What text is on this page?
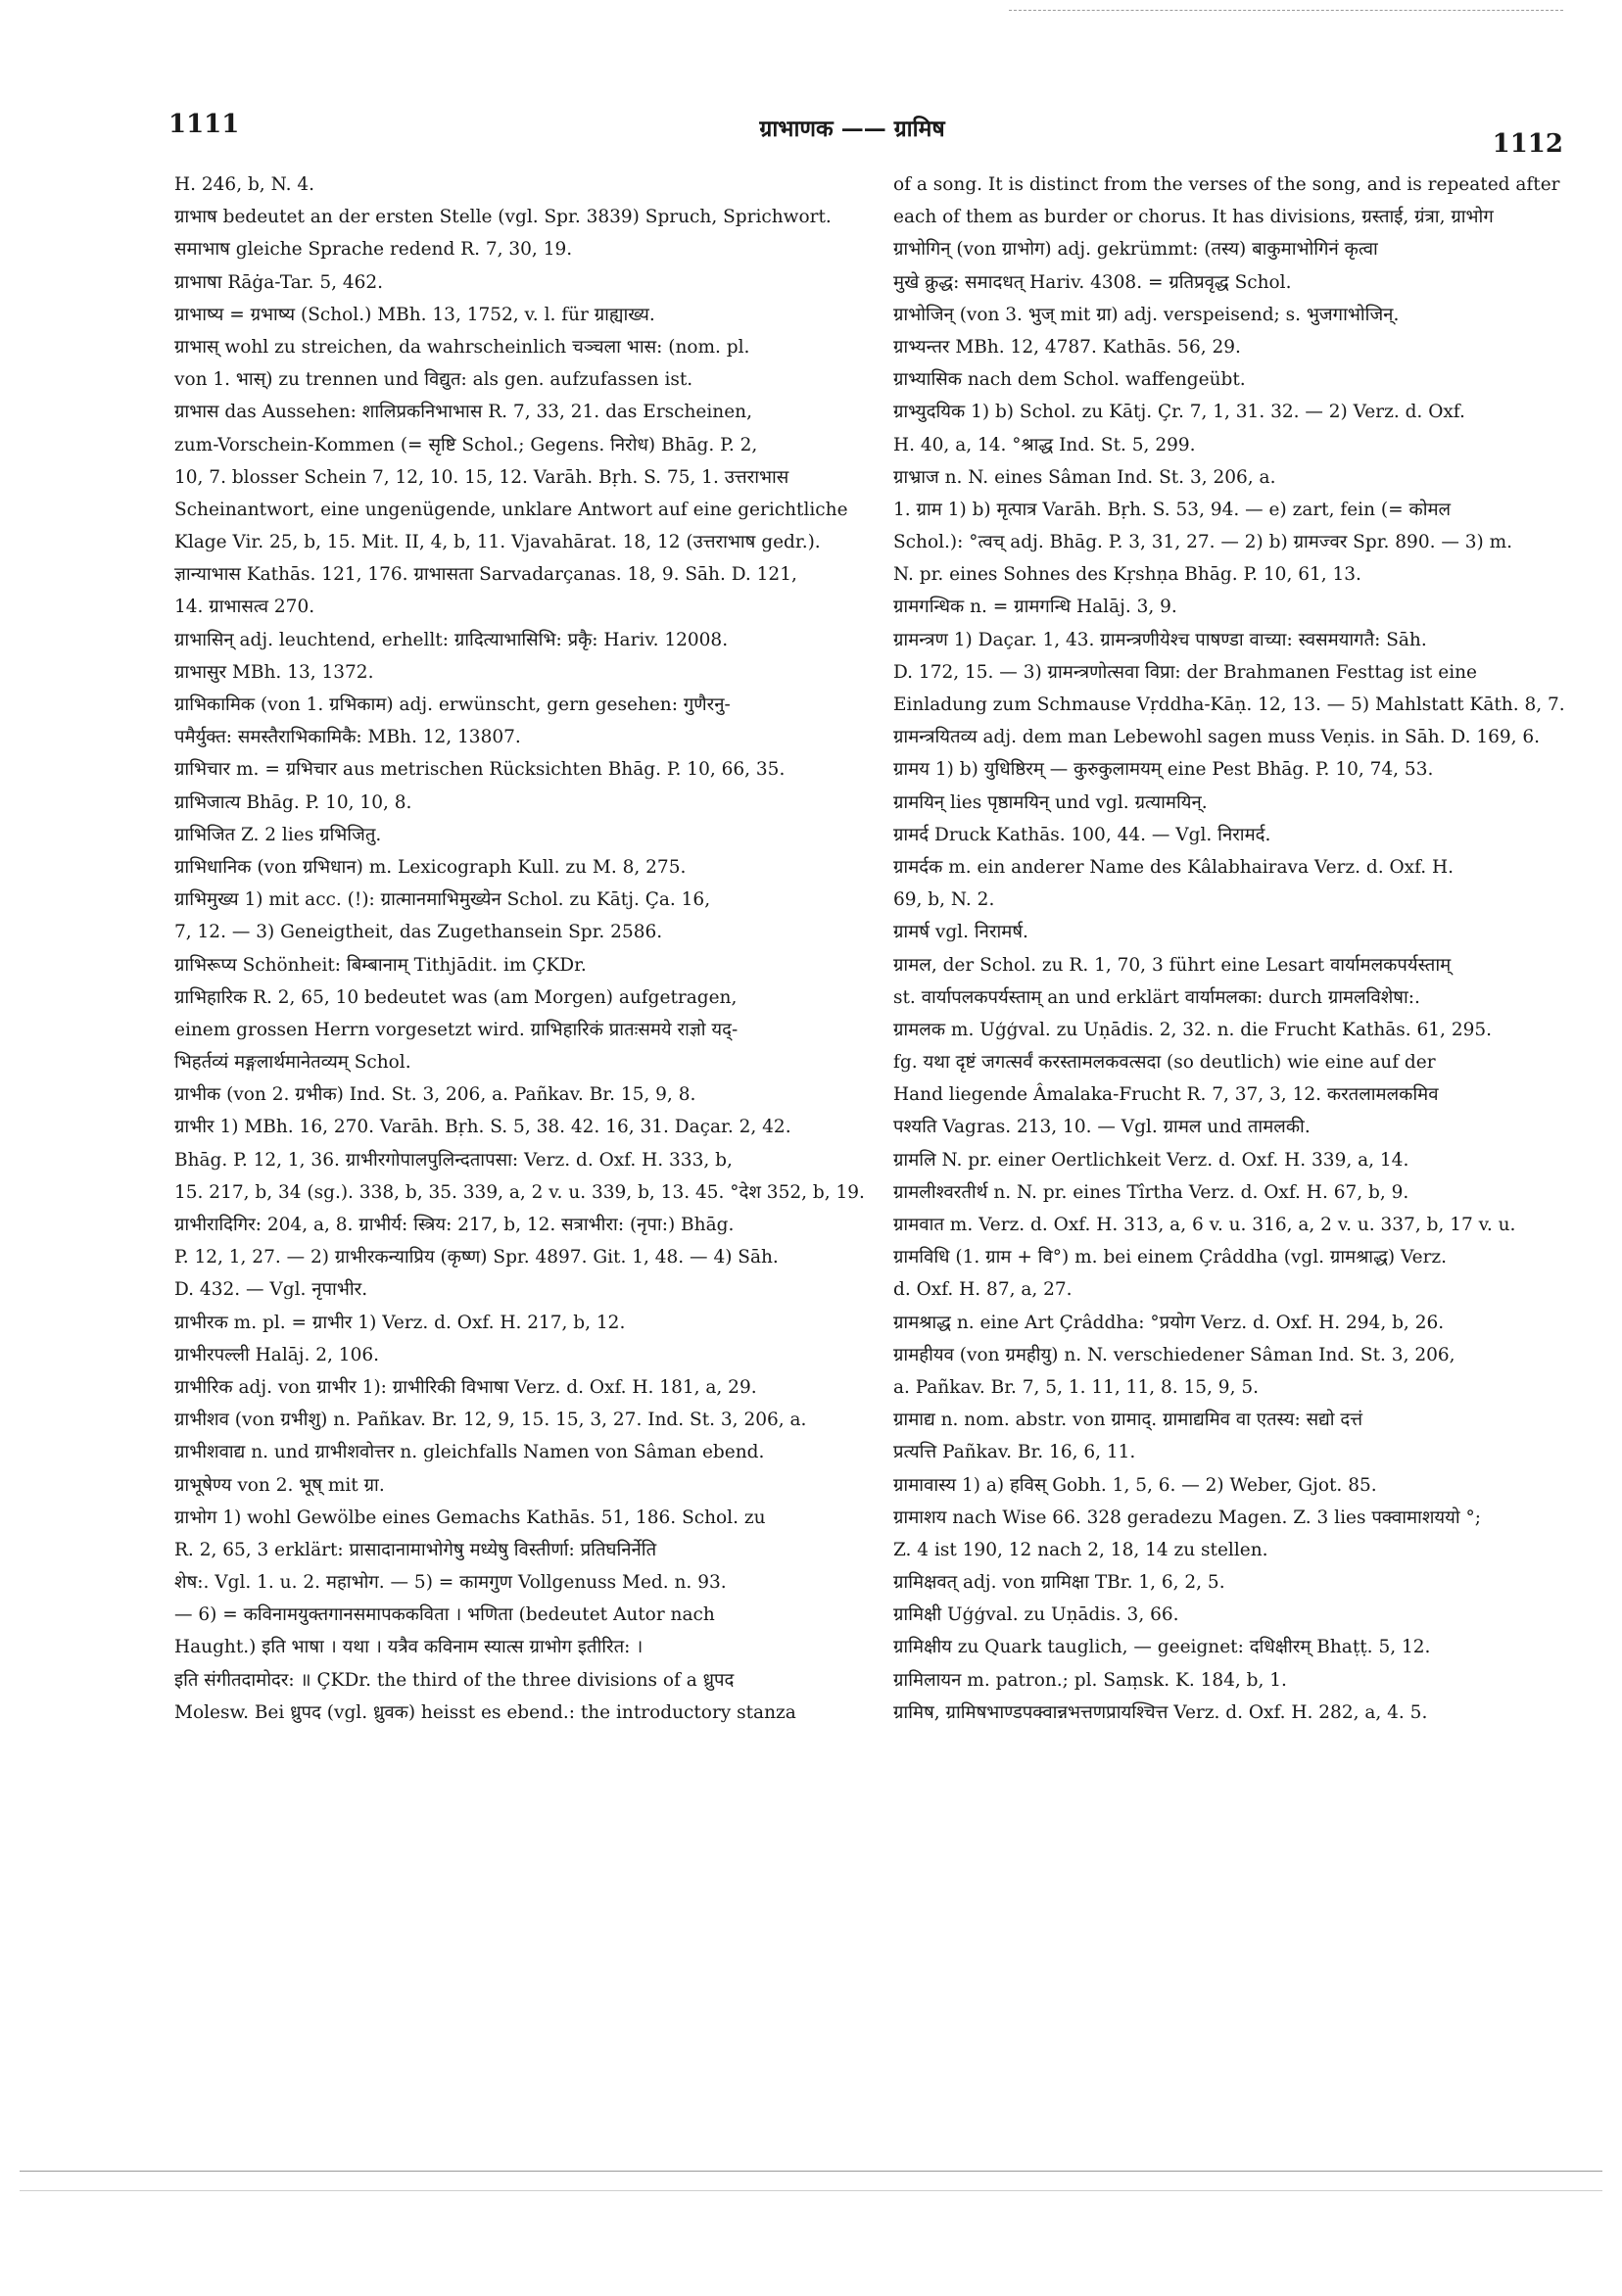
1111	ग्राभाणक —— ग्रामिष
1112
H. 246, b, N. 4.
ग्राभाष bedeutet an der ersten Stelle (vgl. Spr. 3839) Spruch, Sprichwort.
समाभाष gleiche Sprache redend R. 7, 30, 19.
ग्राभाषा Rāġa-Tar. 5, 462.
ग्राभाष्य = ग्रभाष्य (Schol.) MBh. 13, 1752, v. l. für ग्राह्याख्य.
ग्राभास् wohl zu streichen, da wahrscheinlich चञ्चला भास: (nom. pl.
von 1. भास्) zu trennen und विद्युत: als gen. aufzufassen ist.
ग्राभास das Aussehen: शालिप्रकनिभाभास R. 7, 33, 21. das Erscheinen,
zum-Vorschein-Kommen (= सृष्टि Schol.; Gegens. निरोध) Bhāg. P. 2,
10, 7. blosser Schein 7, 12, 10. 15, 12. Varāh. Bṛh. S. 75, 1. उत्तराभास
Scheinantwort, eine ungenügende, unklare Antwort auf eine gerichtliche
Klage Vir. 25, b, 15. Mit. II, 4, b, 11. Vjavahārat. 18, 12 (उत्तराभाष gedr.).
ज्ञान्याभास Kathās. 121, 176. ग्राभासता Sarvadarçanas. 18, 9. Sāh. D. 121,
14. ग्राभासत्व 270.
ग्राभासिन् adj. leuchtend, erhellt: ग्रादित्याभासिभि: प्रकृै: Hariv. 12008.
ग्राभासुर MBh. 13, 1372.
ग्राभिकामिक (von 1. ग्रभिकाम) adj. erwünscht, gern gesehen: गुणैरनु-
पमैर्युक्त: समस्तैराभिकामिकै: MBh. 12, 13807.
ग्राभिचार m. = ग्रभिचार aus metrischen Rücksichten Bhāg. P. 10, 66, 35.
ग्राभिजात्य Bhāg. P. 10, 10, 8.
ग्राभिजित Z. 2 lies ग्रभिजितु.
ग्राभिधानिक (von ग्रभिधान) m. Lexicograph Kull. zu M. 8, 275.
ग्राभिमुख्य 1) mit acc. (!): ग्रात्मानमाभिमुख्येन Schol. zu Kātj. Ça. 16,
7, 12. — 3) Geneigtheit, das Zugethansein Spr. 2586.
ग्राभिरूप्य Schönheit: बिम्बानाम् Tithjādit. im ÇKDr.
ग्राभिहारिक R. 2, 65, 10 bedeutet was (am Morgen) aufgetragen,
einem grossen Herrn vorgesetzt wird. ग्राभिहारिकं प्रातःसमये राज्ञो यद्-
भिहर्तव्यं मङ्गलार्थमानेतव्यम् Schol.
ग्राभीक (von 2. ग्रभीक) Ind. St. 3, 206, a. Pañkav. Br. 15, 9, 8.
ग्राभीर 1) MBh. 16, 270. Varāh. Bṛh. S. 5, 38. 42. 16, 31. Daçar. 2, 42.
Bhāg. P. 12, 1, 36. ग्राभीरगोपालपुलिन्दतापसा: Verz. d. Oxf. H. 333, b,
15. 217, b, 34 (sg.). 338, b, 35. 339, a, 2 v. u. 339, b, 13. 45. °देश 352, b, 19.
ग्राभीरादिगिर: 204, a, 8. ग्राभीर्य: स्त्रिय: 217, b, 12. सत्राभीरा: (नृपा:) Bhāg.
P. 12, 1, 27. — 2) ग्राभीरकन्याप्रिय (कृष्ण) Spr. 4897. Git. 1, 48. — 4) Sāh.
D. 432. — Vgl. नृपाभीर.
ग्राभीरक m. pl. = ग्राभीर 1) Verz. d. Oxf. H. 217, b, 12.
ग्राभीरपल्ली Halāj. 2, 106.
ग्राभीरिक adj. von ग्राभीर 1): ग्राभीरिकी विभाषा Verz. d. Oxf. H. 181, a, 29.
ग्राभीशव (von ग्रभीशु) n. Pañkav. Br. 12, 9, 15. 15, 3, 27. Ind. St. 3, 206, a.
ग्राभीशवाद्य n. und ग्राभीशवोत्तर n. gleichfalls Namen von Sâman ebend.
ग्राभूषेण्य von 2. भूष् mit ग्रा.
ग्राभोग 1) wohl Gewölbe eines Gemachs Kathās. 51, 186. Schol. zu
R. 2, 65, 3 erklärt: प्रासादानामाभोगेषु मध्येषु विस्तीर्णा: प्रतिघनिर्नेति
शेष:. Vgl. 1. u. 2. महाभोग. — 5) = कामगुण Vollgenuss Med. n. 93.
— 6) = कविनामयुक्तगानसमापककविता । भणिता (bedeutet Autor nach
Haught.) इति भाषा । यथा । यत्रैव कविनाम स्यात्स ग्राभोग इतीरित: ।
इति संगीतदामोदर: ॥ ÇKDr. the third of the three divisions of a ध्रुपद
Molesw. Bei ध्रुपद (vgl. ध्रुवक) heisst es ebend.: the introductory stanza
of a song. It is distinct from the verses of the song, and is repeated after
each of them as burder or chorus. It has divisions, ग्रस्ताई, ग्रंत्रा, ग्राभोग
ग्राभोगिन् (von ग्राभोग) adj. gekrümmt: (तस्य) बाकुमाभोगिनं कृत्वा
मुखे क्रुद्ध: समादधत् Hariv. 4308. = ग्रतिप्रवृद्ध Schol.
ग्राभोजिन् (von 3. भुज् mit ग्रा) adj. verspeisend; s. भुजगाभोजिन्.
ग्राभ्यन्तर MBh. 12, 4787. Kathās. 56, 29.
ग्राभ्यासिक nach dem Schol. waffengeübt.
ग्राभ्युदयिक 1) b) Schol. zu Kātj. Çr. 7, 1, 31. 32. — 2) Verz. d. Oxf.
H. 40, a, 14. °श्राद्ध Ind. St. 5, 299.
ग्राभ्राज n. N. eines Sâman Ind. St. 3, 206, a.
1. ग्राम 1) b) मृत्पात्र Varāh. Bṛh. S. 53, 94. — e) zart, fein (= कोमल
Schol.): °त्वच् adj. Bhāg. P. 3, 31, 27. — 2) b) ग्रामज्वर Spr. 890. — 3) m.
N. pr. eines Sohnes des Kṛshṇa Bhāg. P. 10, 61, 13.
ग्रामगन्धिक n. = ग्रामगन्धि Halāj. 3, 9.
ग्रामन्त्रण 1) Daçar. 1, 43. ग्रामन्त्रणीयेश्च पाषण्डा वाच्या: स्वसमयागतै: Sāh.
D. 172, 15. — 3) ग्रामन्त्रणोत्सवा विप्रा: der Brahmanen Festtag ist eine
Einladung zum Schmause Vṛddha-Kāṇ. 12, 13. — 5) Mahlstatt Kāth. 8, 7.
ग्रामन्त्रयितव्य adj. dem man Lebewohl sagen muss Veṇis. in Sāh. D. 169, 6.
ग्रामय 1) b) युधिष्ठिरम् — कुरुकुलामयम् eine Pest Bhāg. P. 10, 74, 53.
ग्रामयिन् lies पृष्ठामयिन् und vgl. ग्रत्यामयिन्.
ग्रामर्द Druck Kathās. 100, 44. — Vgl. निरामर्द.
ग्रामर्दक m. ein anderer Name des Kâlabhairava Verz. d. Oxf. H.
69, b, N. 2.
ग्रामर्ष vgl. निरामर्ष.
ग्रामल, der Schol. zu R. 1, 70, 3 führt eine Lesart वार्यामलकपर्यस्ताम्
st. वार्यापलकपर्यस्ताम् an und erklärt वार्यामलका: durch ग्रामलविशेषा:.
ग्रामलक m. Uģģval. zu Uṇādis. 2, 32. n. die Frucht Kathās. 61, 295.
fg. यथा दृष्टं जगत्सर्वं करस्तामलकवत्सदा (so deutlich) wie eine auf der
Hand liegende Âmalaka-Frucht R. 7, 37, 3, 12. करतलामलकमिव
पश्यति Vagras. 213, 10. — Vgl. ग्रामल und तामलकी.
ग्रामलि N. pr. einer Oertlichkeit Verz. d. Oxf. H. 339, a, 14.
ग्रामलीश्वरतीर्थ n. N. pr. eines Tîrtha Verz. d. Oxf. H. 67, b, 9.
ग्रामवात m. Verz. d. Oxf. H. 313, a, 6 v. u. 316, a, 2 v. u. 337, b, 17 v. u.
ग्रामविधि (1. ग्राम + वि°) m. bei einem Çrâddha (vgl. ग्रामश्राद्ध) Verz.
d. Oxf. H. 87, a, 27.
ग्रामश्राद्ध n. eine Art Çrâddha: °प्रयोग Verz. d. Oxf. H. 294, b, 26.
ग्रामहीयव (von ग्रमहीयु) n. N. verschiedener Sâman Ind. St. 3, 206,
a. Pañkav. Br. 7, 5, 1. 11, 11, 8. 15, 9, 5.
ग्रामाद्य n. nom. abstr. von ग्रामाद्. ग्रामाद्यमिव वा एतस्य: सद्यो दत्तं
प्रत्यत्ति Pañkav. Br. 16, 6, 11.
ग्रामावास्य 1) a) हविस् Gobh. 1, 5, 6. — 2) Weber, Gjot. 85.
ग्रामाशय nach Wise 66. 328 geradezu Magen. Z. 3 lies पक्वामाशययो °;
Z. 4 ist 190, 12 nach 2, 18, 14 zu stellen.
ग्रामिक्षवत् adj. von ग्रामिक्षा TBr. 1, 6, 2, 5.
ग्रामिक्षी Uģģval. zu Uṇādis. 3, 66.
ग्रामिक्षीय zu Quark tauglich, — geeignet: दधिक्षीरम् Bhaṭṭ. 5, 12.
ग्रामिलायन m. patron.; pl. Saṃsk. K. 184, b, 1.
ग्रामिष, ग्रामिषभाण्डपक्वान्नभत्तणप्रायश्चित्त Verz. d. Oxf. H. 282, a, 4. 5.
